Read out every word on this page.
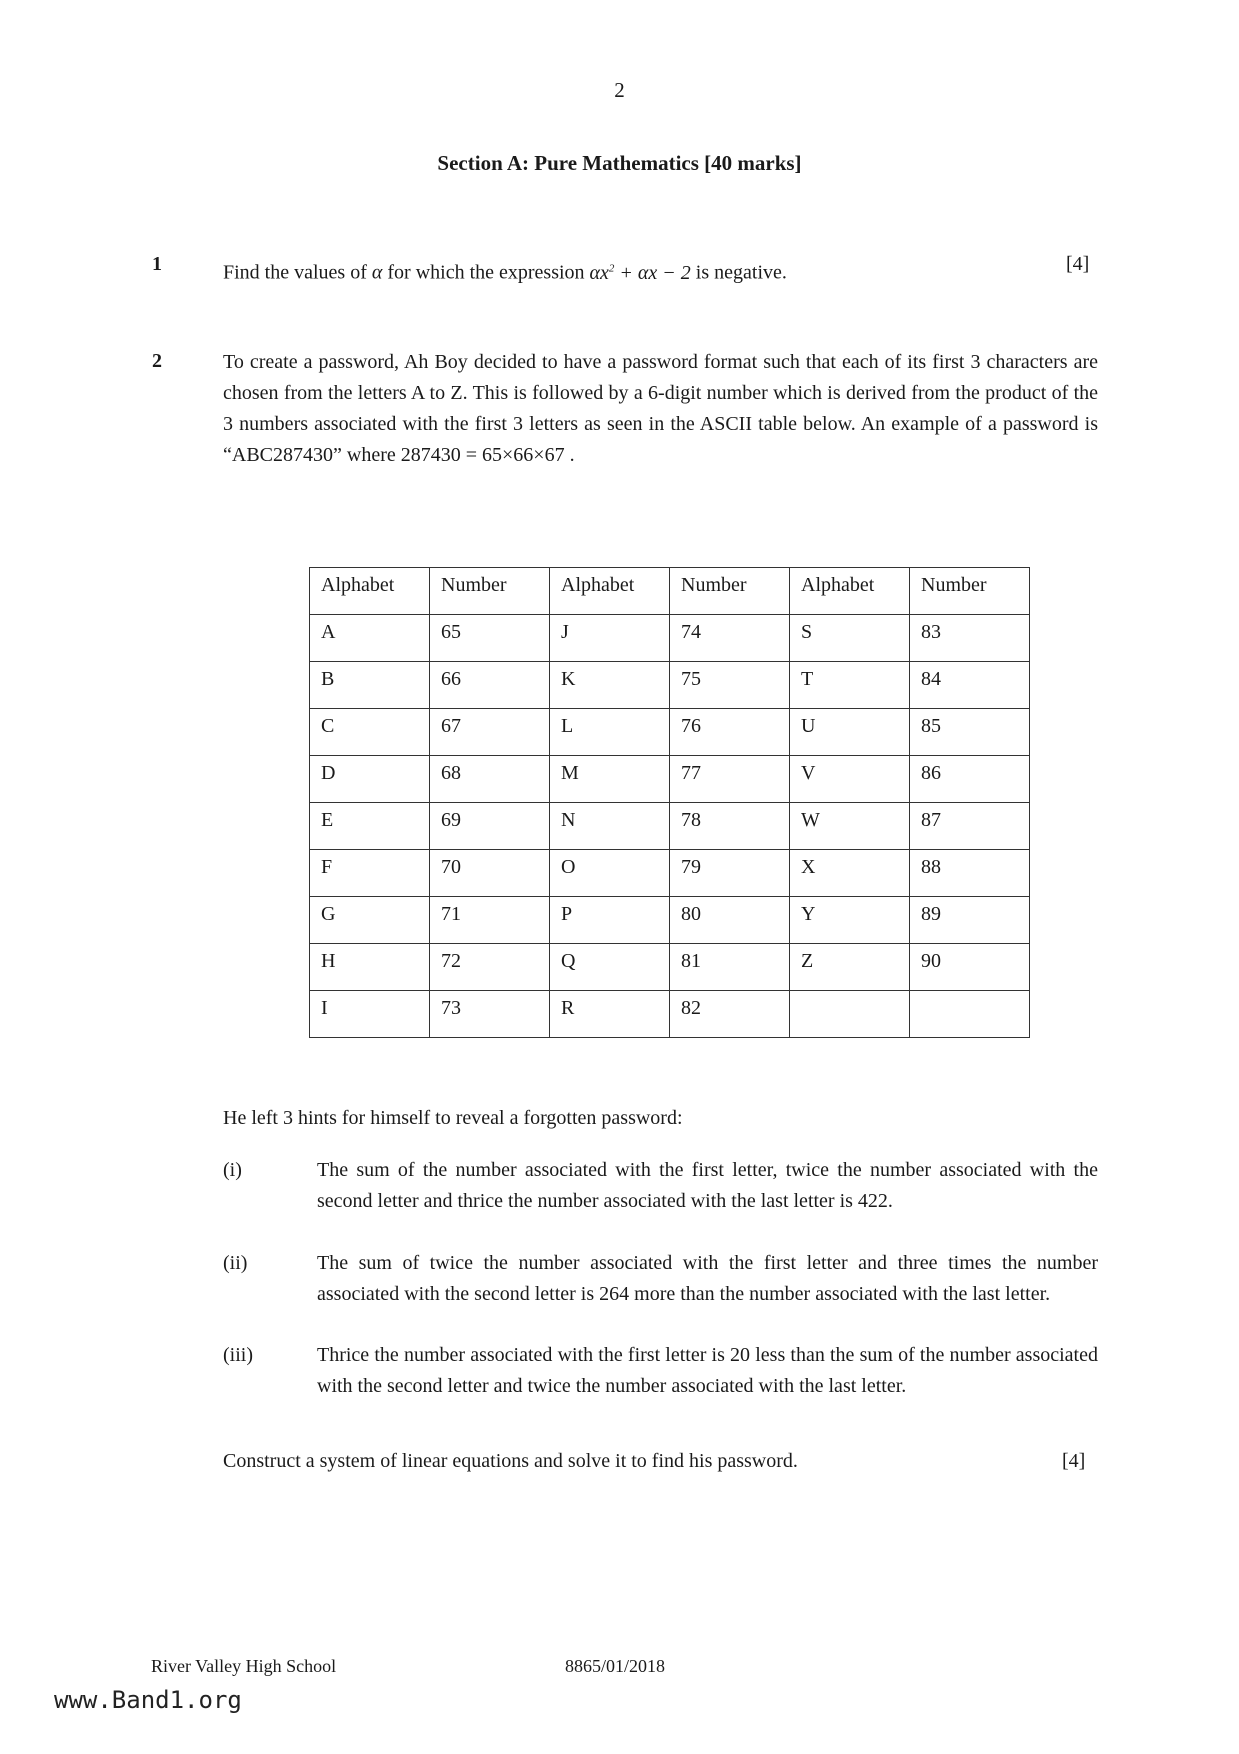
2
Section A: Pure Mathematics [40 marks]
1	Find the values of α for which the expression $\alpha x^2 + \alpha x - 2$ is negative.	[4]
2	To create a password, Ah Boy decided to have a password format such that each of its first 3 characters are chosen from the letters A to Z. This is followed by a 6-digit number which is derived from the product of the 3 numbers associated with the first 3 letters as seen in the ASCII table below. An example of a password is “ABC287430” where 287430 = 65×66×67 .
Alphabet	Number	Alphabet	Number	Alphabet	Number
A	65	J	74	S	83
B	66	K	75	T	84
C	67	L	76	U	85
D	68	M	77	V	86
E	69	N	78	W	87
F	70	O	79	X	88
G	71	P	80	Y	89
H	72	Q	81	Z	90
I	73	R	82		
He left 3 hints for himself to reveal a forgotten password:
(i)	The sum of the number associated with the first letter, twice the number associated with the second letter and thrice the number associated with the last letter is 422.
(ii)	The sum of twice the number associated with the first letter and three times the number associated with the second letter is 264 more than the number associated with the last letter.
(iii)	Thrice the number associated with the first letter is 20 less than the sum of the number associated with the second letter and twice the number associated with the last letter.
Construct a system of linear equations and solve it to find his password.	[4]
River Valley High School	8865/01/2018
www.Band1.org
